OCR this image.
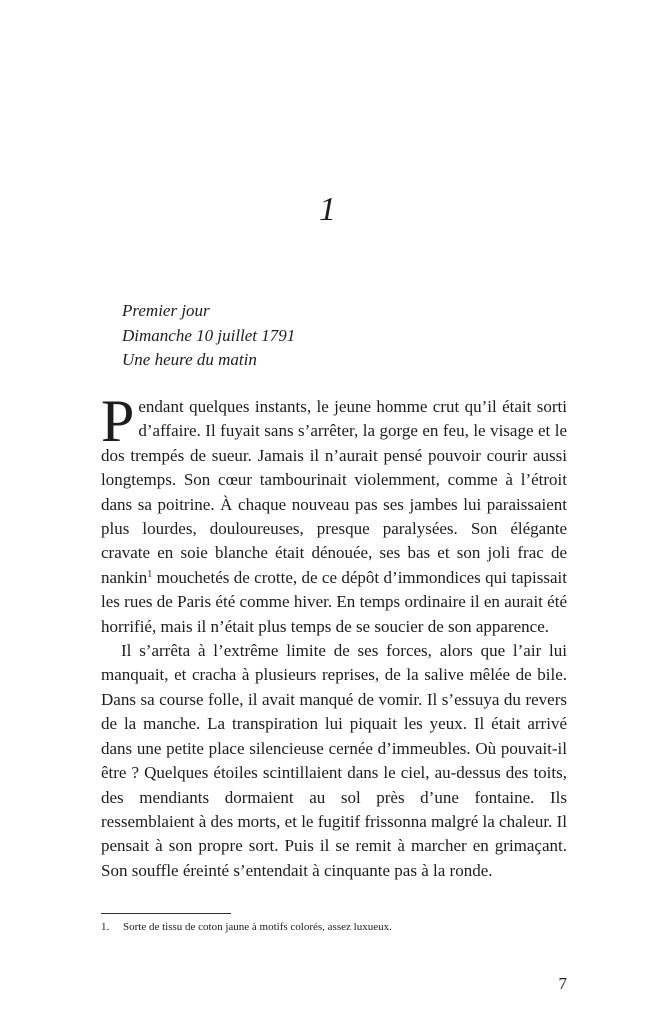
1
Premier jour
Dimanche 10 juillet 1791
Une heure du matin

Pendant quelques instants, le jeune homme crut qu’il était sorti d’affaire. Il fuyait sans s’arrêter, la gorge en feu, le visage et le dos trempés de sueur. Jamais il n’aurait pensé pouvoir courir aussi longtemps. Son cœur tambourinait violemment, comme à l’étroit dans sa poitrine. À chaque nouveau pas ses jambes lui paraissaient plus lourdes, douloureuses, presque paralysées. Son élégante cravate en soie blanche était dénouée, ses bas et son joli frac de nankin$^1$ mouchetés de crotte, de ce dépôt d’immondices qui tapissait les rues de Paris été comme hiver. En temps ordinaire il en aurait été horrifié, mais il n’était plus temps de se soucier de son apparence.

Il s’arrêta à l’extrême limite de ses forces, alors que l’air lui manquait, et cracha à plusieurs reprises, de la salive mêlée de bile. Dans sa course folle, il avait manqué de vomir. Il s’essuya du revers de la manche. La transpiration lui piquait les yeux. Il était arrivé dans une petite place silencieuse cernée d’immeubles. Où pouvait-il être ? Quelques étoiles scintillaient dans le ciel, au-dessus des toits, des mendiants dormaient au sol près d’une fontaine. Ils ressemblaient à des morts, et le fugitif frissonna malgré la chaleur. Il pensait à son propre sort. Puis il se remit à marcher en grimaçant. Son souffle éreinté s’entendait à cinquante pas à la ronde.

1. Sorte de tissu de coton jaune à motifs colorés, assez luxueux.
7
